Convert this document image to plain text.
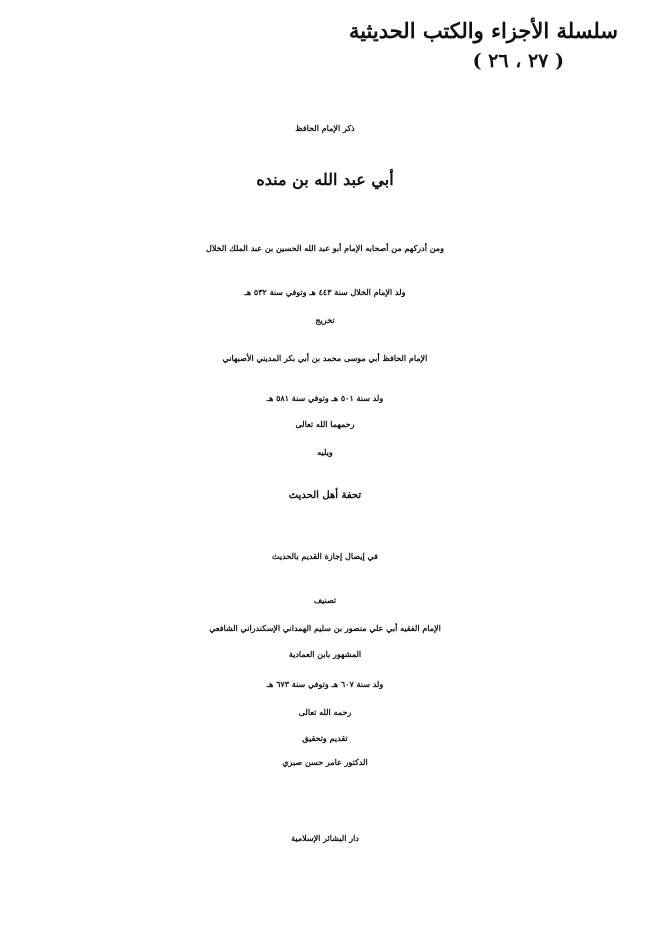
سلسلة الأجزاء والكتب الحديثية
( ٢٧ ، ٢٦ )
ذكر الإمام الحافظ
أبي عبد الله بن منده
ومن أدركهم من أصحابه الإمام أبو عبد الله الحسين بن عبد الملك الخلال
ولد الإمام الخلال سنة ٤٤٣ هـ وتوفي سنة ٥٣٢ هـ
تخريج
الإمام الحافظ أبي موسى محمد بن أبي بكر المديني الأصبهاني
ولد سنة ٥٠١ هـ وتوفي سنة ٥٨١ هـ
رحمهما الله تعالى
ويليه
تحفة أهل الحديث
في إيصال إجازة القديم بالحديث
تصنيف
الإمام الفقيه أبي علي منصور بن سليم الهمداني الإسكندراني الشافعي
المشهور بابن العمادية
ولد سنة ٦٠٧ هـ وتوفي سنة ٦٧٣ هـ
رحمه الله تعالى
تقديم وتحقيق
الدكتور عامر حسن صبري
دار البشائر الإسلامية
